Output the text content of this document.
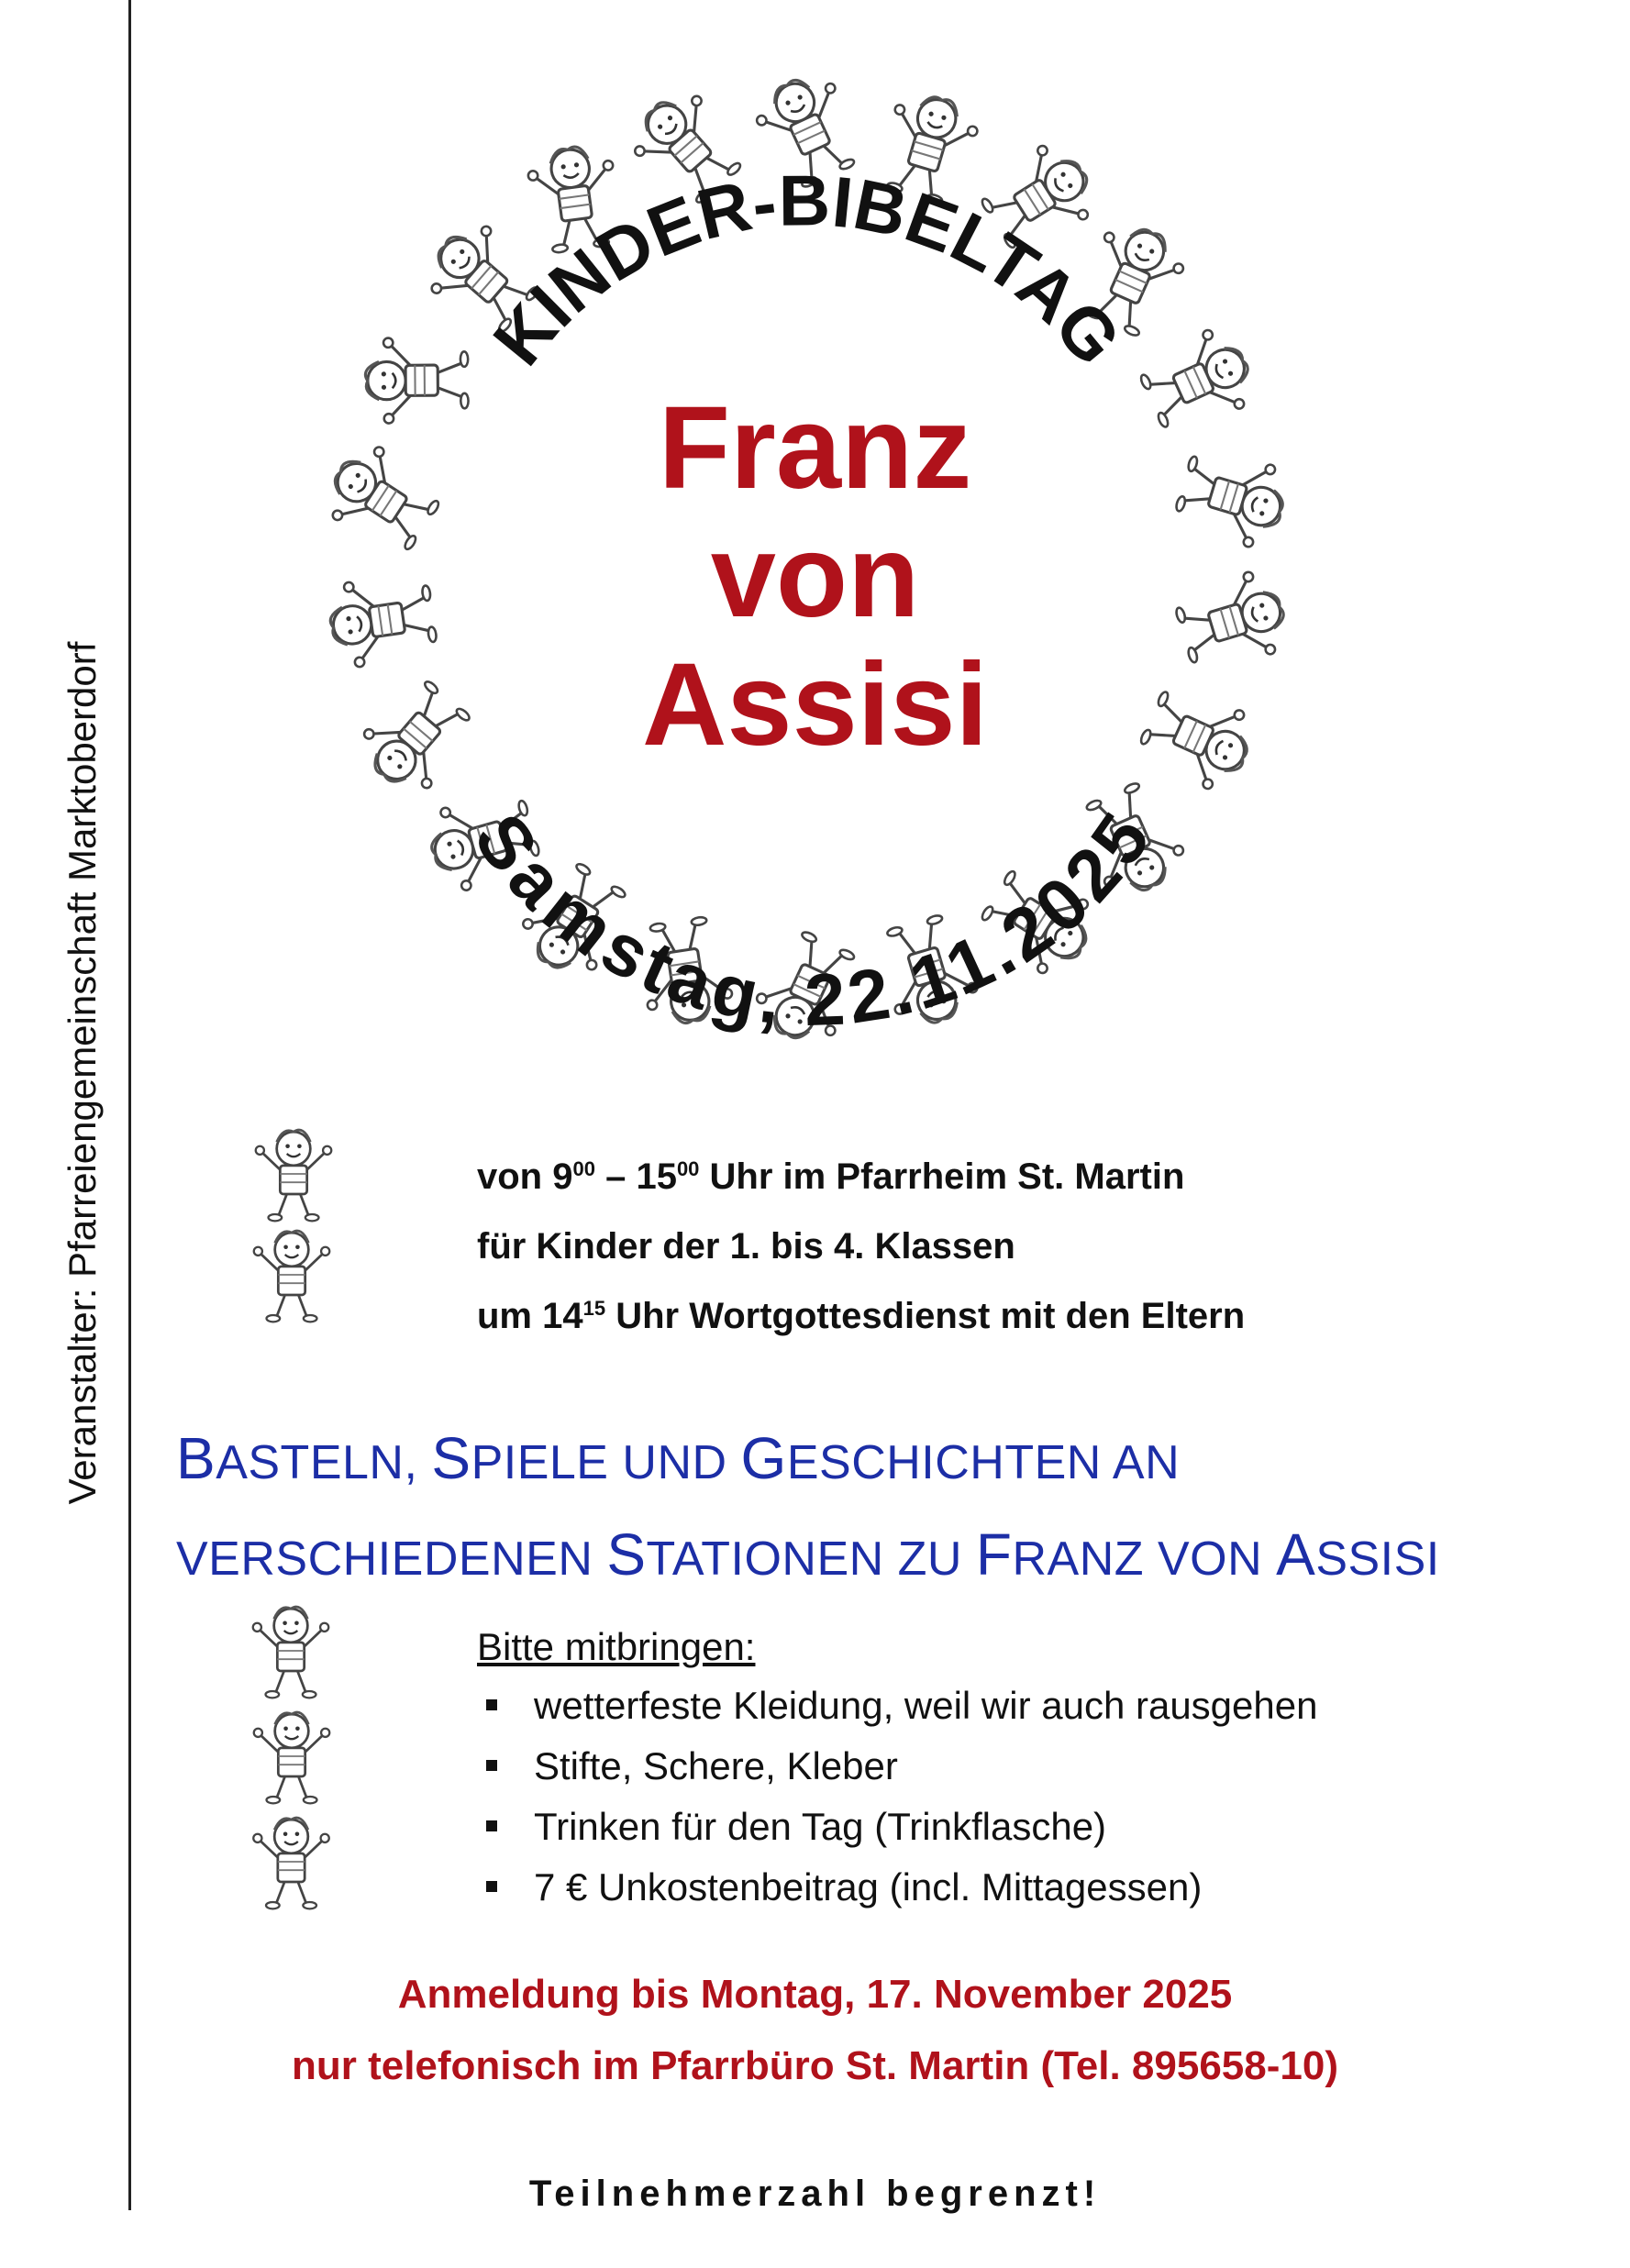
Veranstalter: Pfarreiengemeinschaft Marktoberdorf
KINDER-BIBELTAG
Samstag, 22.11.2025
Franz
von
Assisi
von $9^{00} - 15^{00}$ Uhr im Pfarrheim St. Martin
für Kinder der 1. bis 4. Klassen
um $14^{15}$ Uhr Wortgottesdienst mit den Eltern
BASTELN, SPIELE UND GESCHICHTEN AN
VERSCHIEDENEN STATIONEN ZU FRANZ VON ASSISI
Bitte mitbringen:
wetterfeste Kleidung, weil wir auch rausgehen
Stifte, Schere, Kleber
Trinken für den Tag (Trinkflasche)
7 € Unkostenbeitrag (incl. Mittagessen)
Anmeldung bis Montag, 17. November 2025
nur telefonisch im Pfarrbüro St. Martin (Tel. 895658-10)
Teilnehmerzahl begrenzt!
